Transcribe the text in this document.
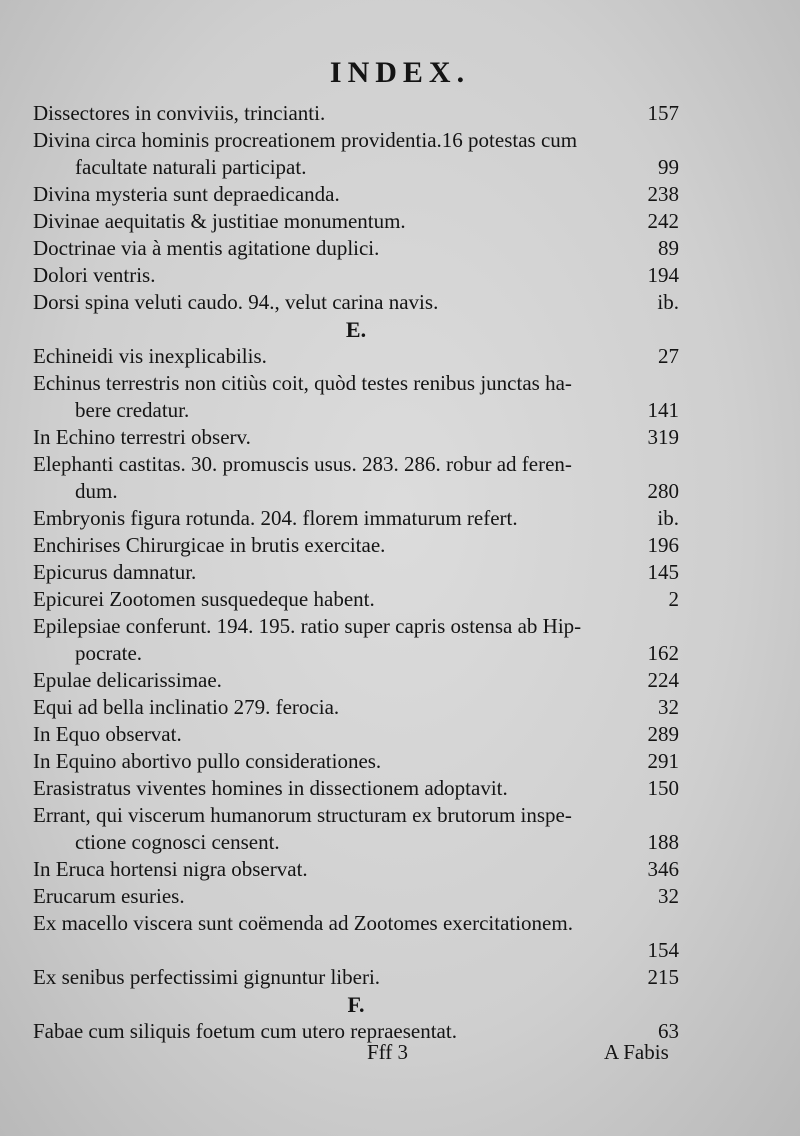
INDEX.
Dissectores in conviviis, trincianti.	157
Divina circa hominis procreationem providentia.16 potestas cum
facultate naturali participat.	99
Divina mysteria sunt depraedicanda.	238
Divinae aequitatis & justitiae monumentum.	242
Doctrinae via à mentis agitatione duplici.	89
Dolori ventris.	194
Dorsi spina veluti caudo. 94., velut carina navis.	ib.
E.
Echineidi vis inexplicabilis.	27
Echinus terrestris non citiùs coit, quòd testes renibus junctas ha-
bere credatur.	141
In Echino terrestri observ.	319
Elephanti castitas. 30. promuscis usus. 283. 286. robur ad feren-
dum.	280
Embryonis figura rotunda. 204. florem immaturum refert.	ib.
Enchirises Chirurgicae in brutis exercitae.	196
Epicurus damnatur.	145
Epicurei Zootomen susquedeque habent.	2
Epilepsiae conferunt. 194. 195. ratio super capris ostensa ab Hip-
pocrate.	162
Epulae delicarissimae.	224
Equi ad bella inclinatio 279. ferocia.	32
In Equo observat.	289
In Equino abortivo pullo considerationes.	291
Erasistratus viventes homines in dissectionem adoptavit.	150
Errant, qui viscerum humanorum structuram ex brutorum inspe-
ctione cognosci censent.	188
In Eruca hortensi nigra observat.	346
Erucarum esuries.	32
Ex macello viscera sunt coëmenda ad Zootomes exercitationem.
154
Ex senibus perfectissimi gignuntur liberi.	215
F.
Fabae cum siliquis foetum cum utero repraesentat.	63
Fff 3	A Fabis
